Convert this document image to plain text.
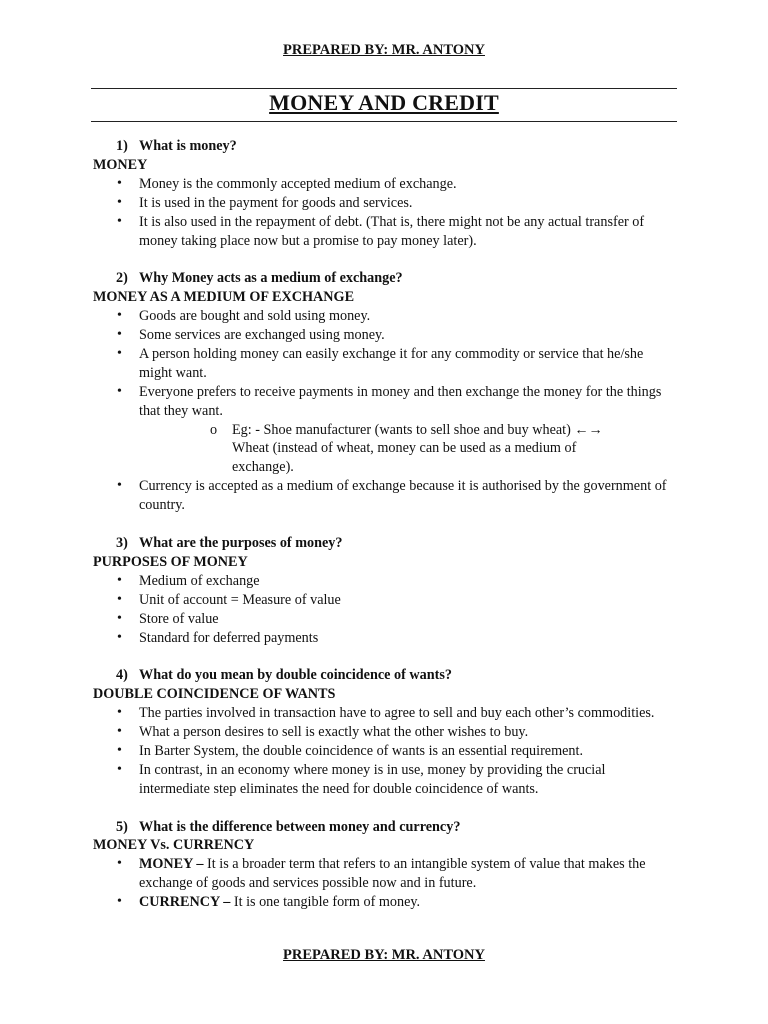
PREPARED BY: MR. ANTONY
MONEY AND CREDIT
1) What is money?
MONEY
• Money is the commonly accepted medium of exchange.
• It is used in the payment for goods and services.
• It is also used in the repayment of debt. (That is, there might not be any actual transfer of money taking place now but a promise to pay money later).
2) Why Money acts as a medium of exchange?
MONEY AS A MEDIUM OF EXCHANGE
• Goods are bought and sold using money.
• Some services are exchanged using money.
• A person holding money can easily exchange it for any commodity or service that he/she might want.
• Everyone prefers to receive payments in money and then exchange the money for the things that they want.
o Eg: - Shoe manufacturer (wants to sell shoe and buy wheat) ←→ Wheat (instead of wheat, money can be used as a medium of exchange).
• Currency is accepted as a medium of exchange because it is authorised by the government of country.
3) What are the purposes of money?
PURPOSES OF MONEY
• Medium of exchange
• Unit of account = Measure of value
• Store of value
• Standard for deferred payments
4) What do you mean by double coincidence of wants?
DOUBLE COINCIDENCE OF WANTS
• The parties involved in transaction have to agree to sell and buy each other’s commodities.
• What a person desires to sell is exactly what the other wishes to buy.
• In Barter System, the double coincidence of wants is an essential requirement.
• In contrast, in an economy where money is in use, money by providing the crucial intermediate step eliminates the need for double coincidence of wants.
5) What is the difference between money and currency?
MONEY Vs. CURRENCY
• MONEY – It is a broader term that refers to an intangible system of value that makes the exchange of goods and services possible now and in future.
• CURRENCY – It is one tangible form of money.
PREPARED BY: MR. ANTONY
